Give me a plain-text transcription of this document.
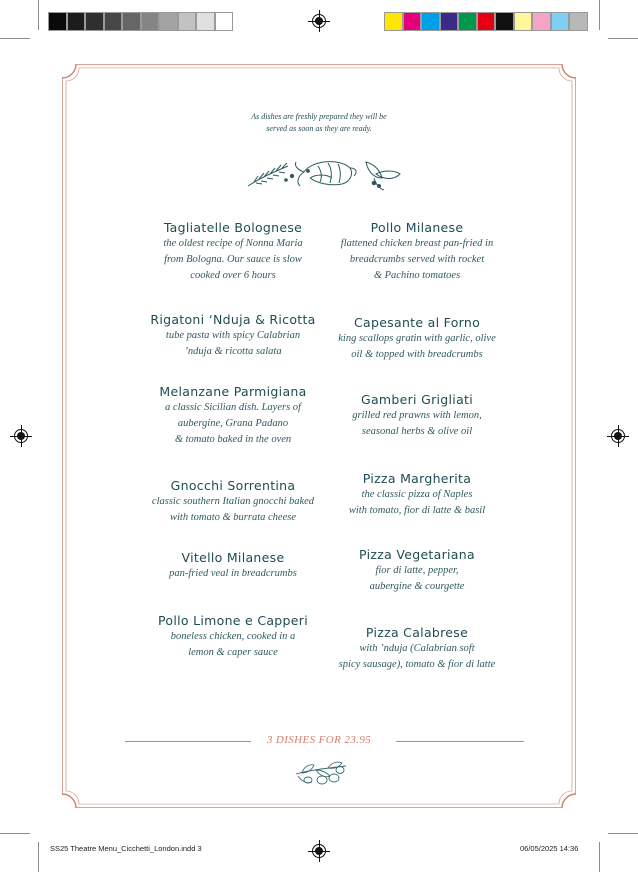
As dishes are freshly prepared they will be
served as soon as they are ready.
Tagliatelle Bolognese
the oldest recipe of Nonna Maria
from Bologna. Our sauce is slow
cooked over 6 hours
Rigatoni ‘Nduja & Ricotta
tube pasta with spicy Calabrian
’nduja & ricotta salata
Melanzane Parmigiana
a classic Sicilian dish. Layers of
aubergine, Grana Padano
& tomato baked in the oven
Gnocchi Sorrentina
classic southern Italian gnocchi baked
with tomato & burrata cheese
Vitello Milanese
pan-fried veal in breadcrumbs
Pollo Limone e Capperi
boneless chicken, cooked in a
lemon & caper sauce
Pollo Milanese
flattened chicken breast pan-fried in
breadcrumbs served with rocket
& Pachino tomatoes
Capesante al Forno
king scallops gratin with garlic, olive
oil & topped with breadcrumbs
Gamberi Grigliati
grilled red prawns with lemon,
seasonal herbs & olive oil
Pizza Margherita
the classic pizza of Naples
with tomato, fior di latte & basil
Pizza Vegetariana
fior di latte, pepper,
aubergine & courgette
Pizza Calabrese
with ’nduja (Calabrian soft
spicy sausage), tomato & fior di latte
3 DISHES FOR 23.95
SS25 Theatre Menu_Cicchetti_London.indd 3	06/05/2025 14:36
